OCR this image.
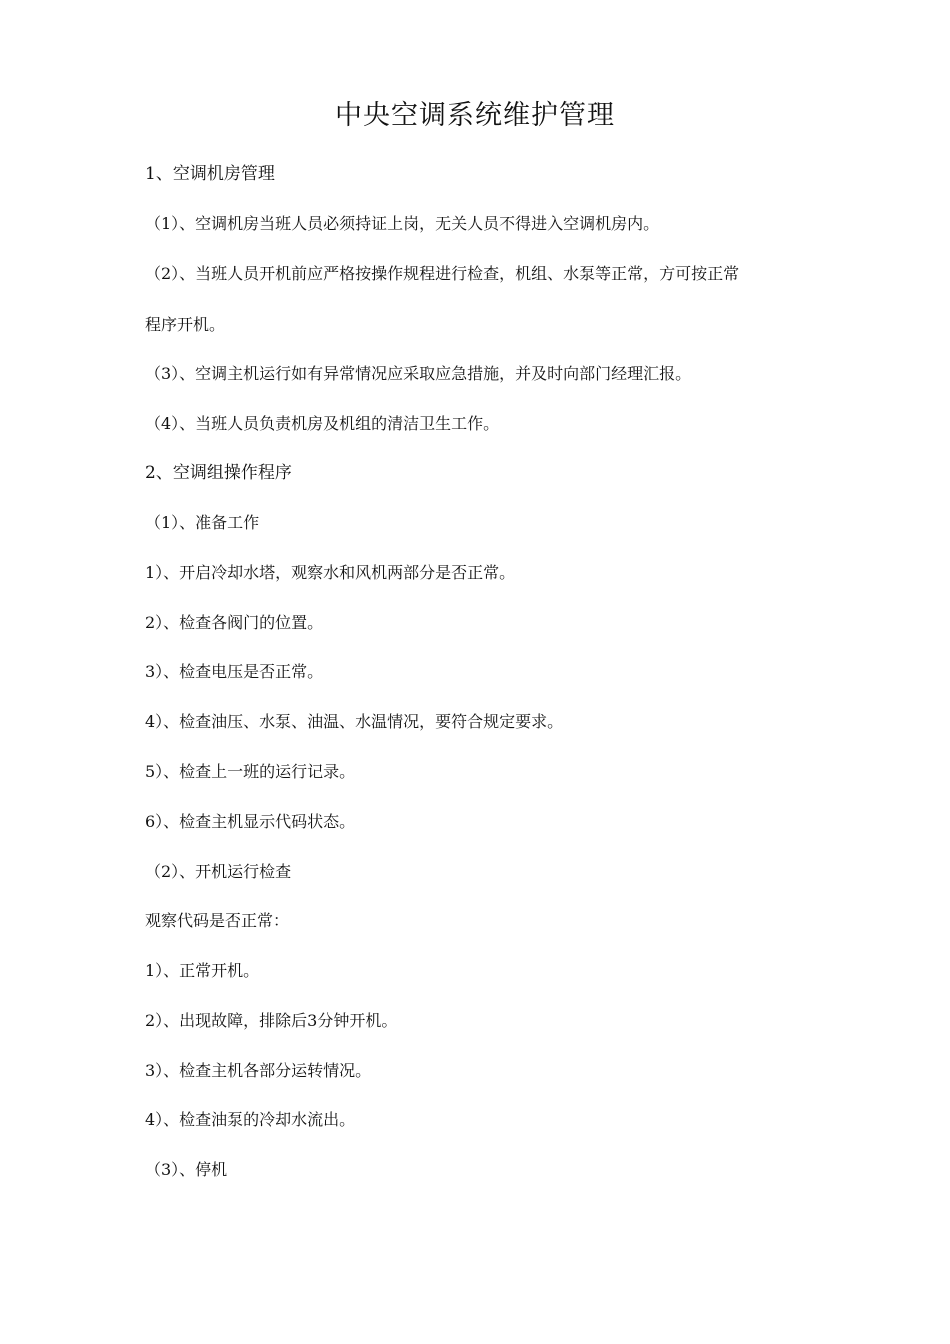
中央空调系统维护管理
1、空调机房管理
（1）、空调机房当班人员必须持证上岗，无关人员不得进入空调机房内。
（2）、当班人员开机前应严格按操作规程进行检查，机组、水泵等正常，方可按正常
程序开机。
（3）、空调主机运行如有异常情况应采取应急措施，并及时向部门经理汇报。
（4）、当班人员负责机房及机组的清洁卫生工作。
2、空调组操作程序
（1）、准备工作
1）、开启冷却水塔，观察水和风机两部分是否正常。
2）、检查各阀门的位置。
3）、检查电压是否正常。
4）、检查油压、水泵、油温、水温情况，要符合规定要求。
5）、检查上一班的运行记录。
6）、检查主机显示代码状态。
（2）、开机运行检查
观察代码是否正常：
1）、正常开机。
2）、出现故障，排除后3分钟开机。
3）、检查主机各部分运转情况。
4）、检查油泵的冷却水流出。
（3）、停机
